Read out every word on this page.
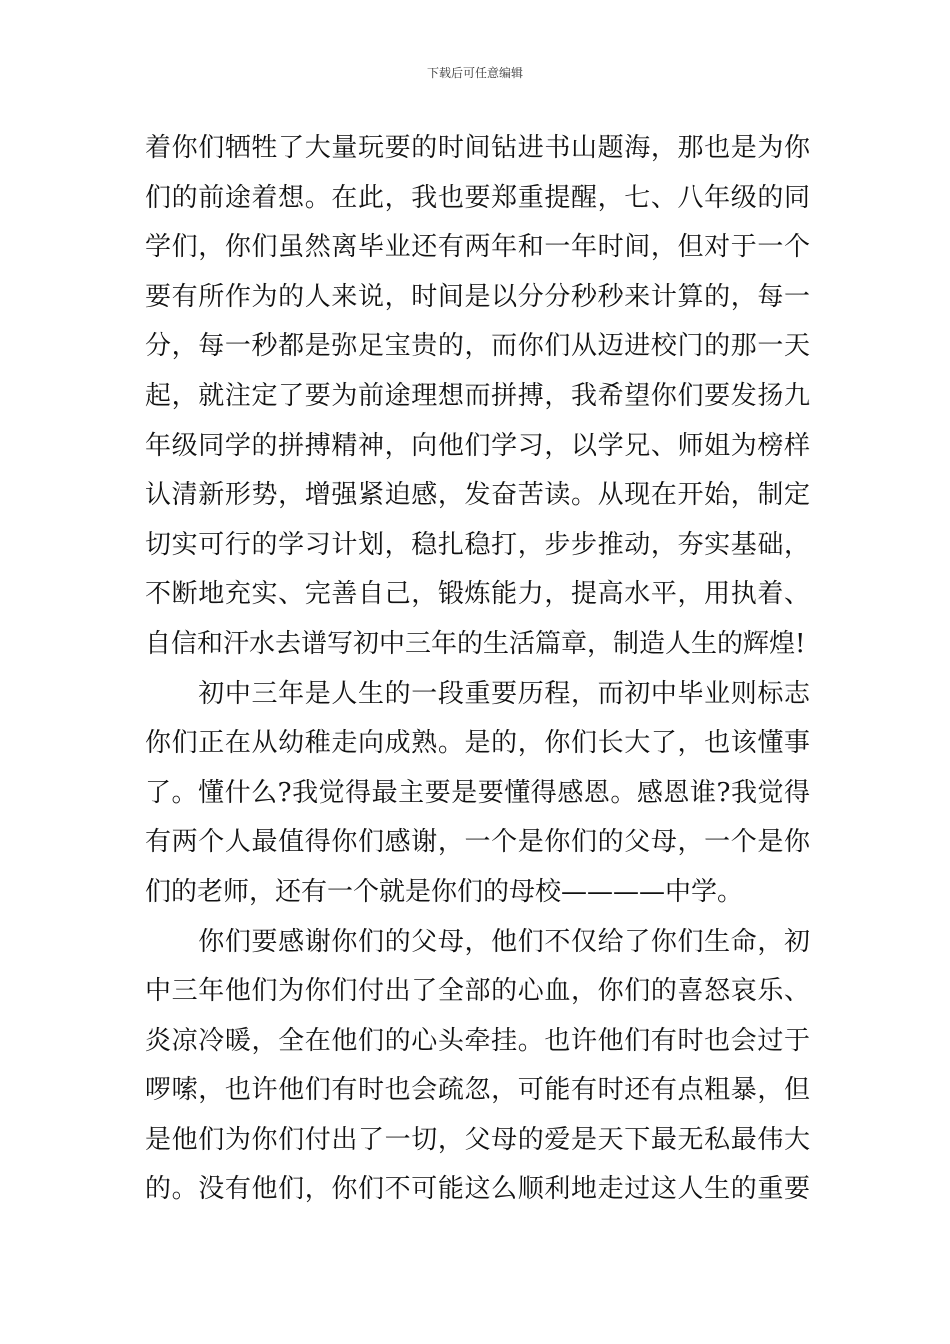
下载后可任意编辑
着你们牺牲了大量玩要的时间钻进书山题海，那也是为你
们的前途着想。在此，我也要郑重提醒，七、八年级的同
学们，你们虽然离毕业还有两年和一年时间，但对于一个
要有所作为的人来说，时间是以分分秒秒来计算的，每一
分，每一秒都是弥足宝贵的，而你们从迈进校门的那一天
起，就注定了要为前途理想而拼搏，我希望你们要发扬九
年级同学的拼搏精神，向他们学习，以学兄、师姐为榜样
认清新形势，增强紧迫感，发奋苦读。从现在开始，制定
切实可行的学习计划，稳扎稳打，步步推动，夯实基础，
不断地充实、完善自己，锻炼能力，提高水平，用执着、
自信和汗水去谱写初中三年的生活篇章，制造人生的辉煌!
　　初中三年是人生的一段重要历程，而初中毕业则标志
你们正在从幼稚走向成熟。是的，你们长大了，也该懂事
了。懂什么?我觉得最主要是要懂得感恩。感恩谁?我觉得
有两个人最值得你们感谢，一个是你们的父母，一个是你
们的老师，还有一个就是你们的母校————中学。
　　你们要感谢你们的父母，他们不仅给了你们生命，初
中三年他们为你们付出了全部的心血，你们的喜怒哀乐、
炎凉冷暖，全在他们的心头牵挂。也许他们有时也会过于
啰嗦，也许他们有时也会疏忽，可能有时还有点粗暴，但
是他们为你们付出了一切，父母的爱是天下最无私最伟大
的。没有他们，你们不可能这么顺利地走过这人生的重要
